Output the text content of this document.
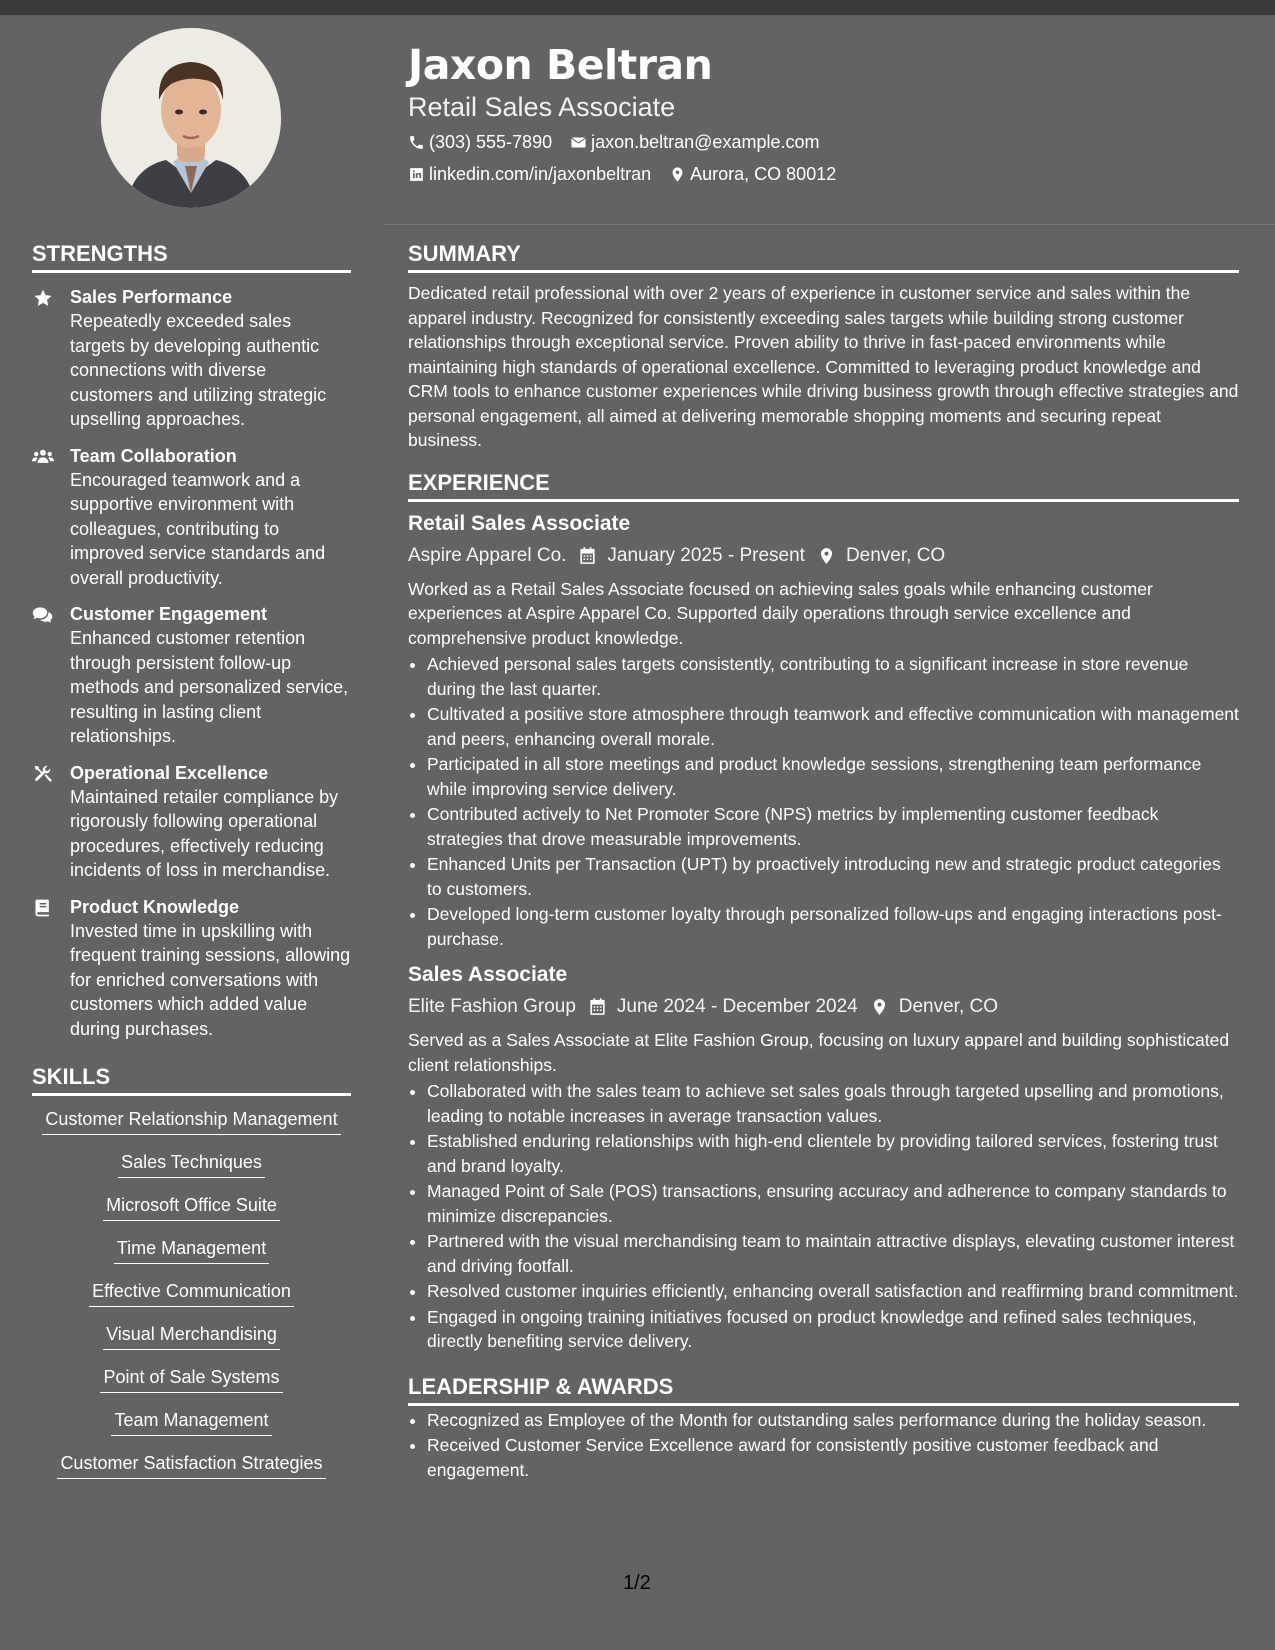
Jaxon Beltran
Retail Sales Associate
(303) 555-7890 jaxon.beltran@example.com
linkedin.com/in/jaxonbeltran Aurora, CO 80012
STRENGTHS
Sales Performance
Repeatedly exceeded sales targets by developing authentic connections with diverse customers and utilizing strategic upselling approaches.
Team Collaboration
Encouraged teamwork and a supportive environment with colleagues, contributing to improved service standards and overall productivity.
Customer Engagement
Enhanced customer retention through persistent follow-up methods and personalized service, resulting in lasting client relationships.
Operational Excellence
Maintained retailer compliance by rigorously following operational procedures, effectively reducing incidents of loss in merchandise.
Product Knowledge
Invested time in upskilling with frequent training sessions, allowing for enriched conversations with customers which added value during purchases.
SKILLS
Customer Relationship Management
Sales Techniques
Microsoft Office Suite
Time Management
Effective Communication
Visual Merchandising
Point of Sale Systems
Team Management
Customer Satisfaction Strategies
SUMMARY
Dedicated retail professional with over 2 years of experience in customer service and sales within the apparel industry. Recognized for consistently exceeding sales targets while building strong customer relationships through exceptional service. Proven ability to thrive in fast-paced environments while maintaining high standards of operational excellence. Committed to leveraging product knowledge and CRM tools to enhance customer experiences while driving business growth through effective strategies and personal engagement, all aimed at delivering memorable shopping moments and securing repeat business.
EXPERIENCE
Retail Sales Associate
Aspire Apparel Co. January 2025 - Present Denver, CO
Worked as a Retail Sales Associate focused on achieving sales goals while enhancing customer experiences at Aspire Apparel Co. Supported daily operations through service excellence and comprehensive product knowledge.
• Achieved personal sales targets consistently, contributing to a significant increase in store revenue during the last quarter.
• Cultivated a positive store atmosphere through teamwork and effective communication with management and peers, enhancing overall morale.
• Participated in all store meetings and product knowledge sessions, strengthening team performance while improving service delivery.
• Contributed actively to Net Promoter Score (NPS) metrics by implementing customer feedback strategies that drove measurable improvements.
• Enhanced Units per Transaction (UPT) by proactively introducing new and strategic product categories to customers.
• Developed long-term customer loyalty through personalized follow-ups and engaging interactions post-purchase.
Sales Associate
Elite Fashion Group June 2024 - December 2024 Denver, CO
Served as a Sales Associate at Elite Fashion Group, focusing on luxury apparel and building sophisticated client relationships.
• Collaborated with the sales team to achieve set sales goals through targeted upselling and promotions, leading to notable increases in average transaction values.
• Established enduring relationships with high-end clientele by providing tailored services, fostering trust and brand loyalty.
• Managed Point of Sale (POS) transactions, ensuring accuracy and adherence to company standards to minimize discrepancies.
• Partnered with the visual merchandising team to maintain attractive displays, elevating customer interest and driving footfall.
• Resolved customer inquiries efficiently, enhancing overall satisfaction and reaffirming brand commitment.
• Engaged in ongoing training initiatives focused on product knowledge and refined sales techniques, directly benefiting service delivery.
LEADERSHIP & AWARDS
• Recognized as Employee of the Month for outstanding sales performance during the holiday season.
• Received Customer Service Excellence award for consistently positive customer feedback and engagement.
1/2
